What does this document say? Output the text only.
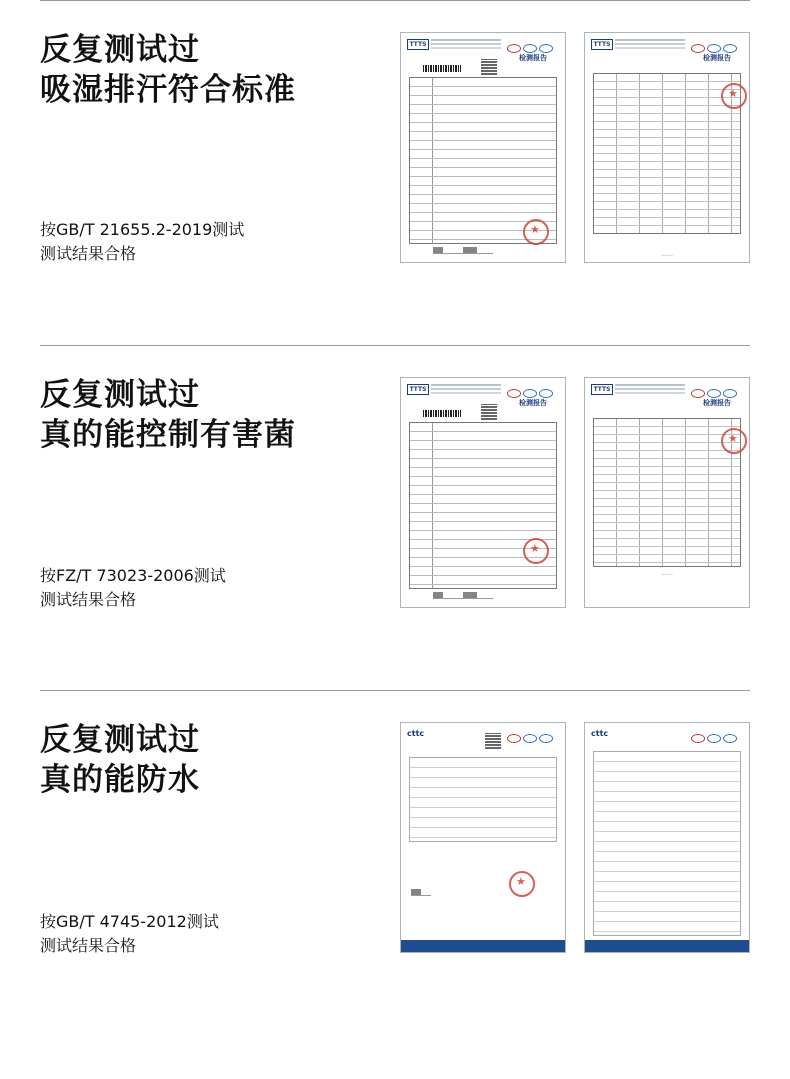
反复测试过
吸湿排汗符合标准
按GB/T 21655.2-2019测试
测试结果合格
TTTS
检测报告
★
TTTS
检测报告
★
———
反复测试过
真的能控制有害菌
按FZ/T 73023-2006测试
测试结果合格
TTTS
检测报告
★
TTTS
检测报告
★
———
反复测试过
真的能防水
按GB/T 4745-2012测试
测试结果合格
cttc
★	cttc
